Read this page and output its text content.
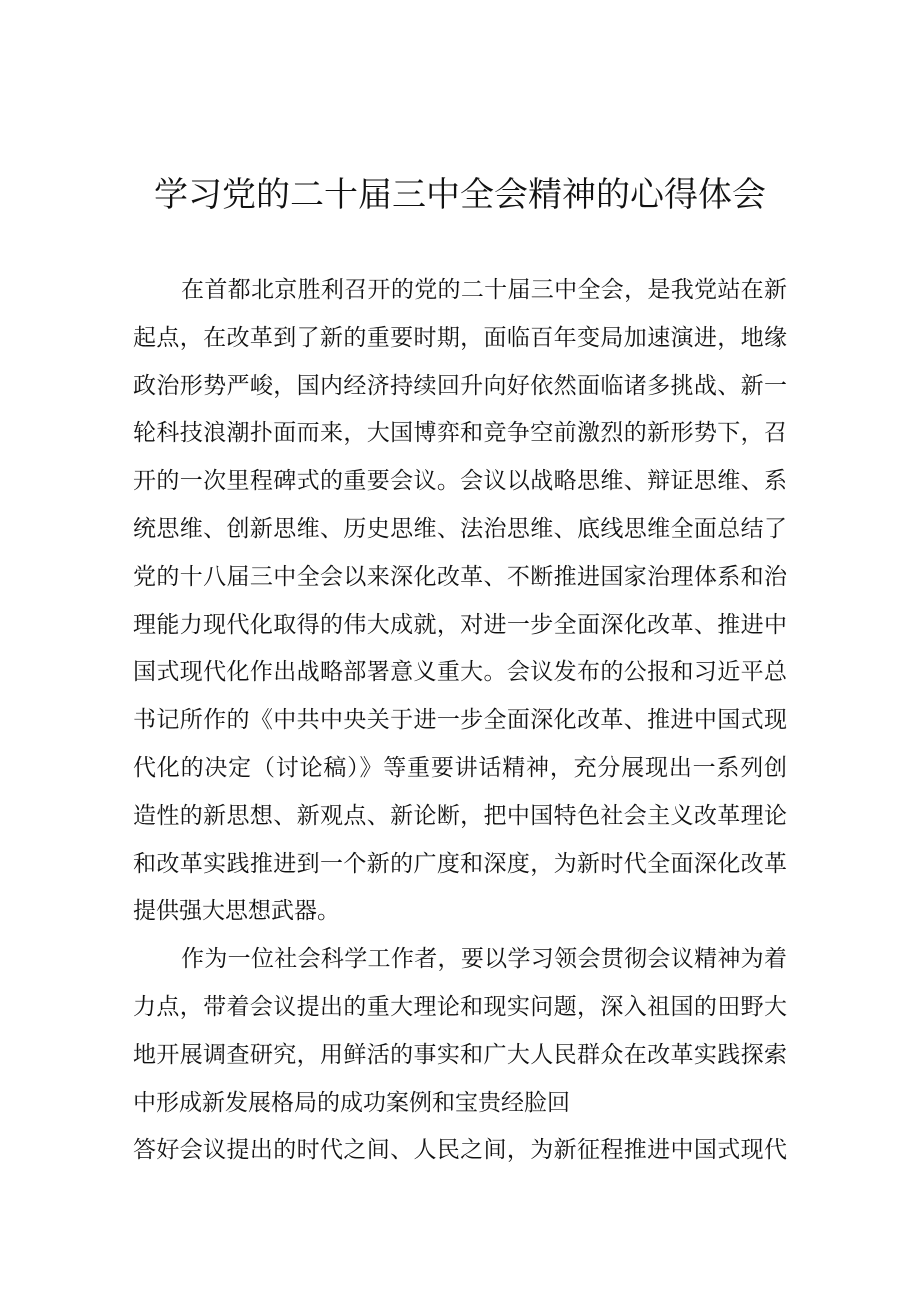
学习党的二十届三中全会精神的心得体会
在首都北京胜利召开的党的二十届三中全会，是我党站在新
起点，在改革到了新的重要时期，面临百年变局加速演进，地缘
政治形势严峻，国内经济持续回升向好依然面临诸多挑战、新一
轮科技浪潮扑面而来，大国博弈和竞争空前激烈的新形势下，召
开的一次里程碑式的重要会议。会议以战略思维、辩证思维、系
统思维、创新思维、历史思维、法治思维、底线思维全面总结了
党的十八届三中全会以来深化改革、不断推进国家治理体系和治
理能力现代化取得的伟大成就，对进一步全面深化改革、推进中
国式现代化作出战略部署意义重大。会议发布的公报和习近平总
书记所作的《中共中央关于进一步全面深化改革、推进中国式现
代化的决定（讨论稿）》等重要讲话精神，充分展现出一系列创
造性的新思想、新观点、新论断，把中国特色社会主义改革理论
和改革实践推进到一个新的广度和深度，为新时代全面深化改革
提供强大思想武器。
作为一位社会科学工作者，要以学习领会贯彻会议精神为着
力点，带着会议提出的重大理论和现实问题，深入祖国的田野大
地开展调查研究，用鲜活的事实和广大人民群众在改革实践探索
中形成新发展格局的成功案例和宝贵经脸回
答好会议提出的时代之间、人民之间，为新征程推进中国式现代
